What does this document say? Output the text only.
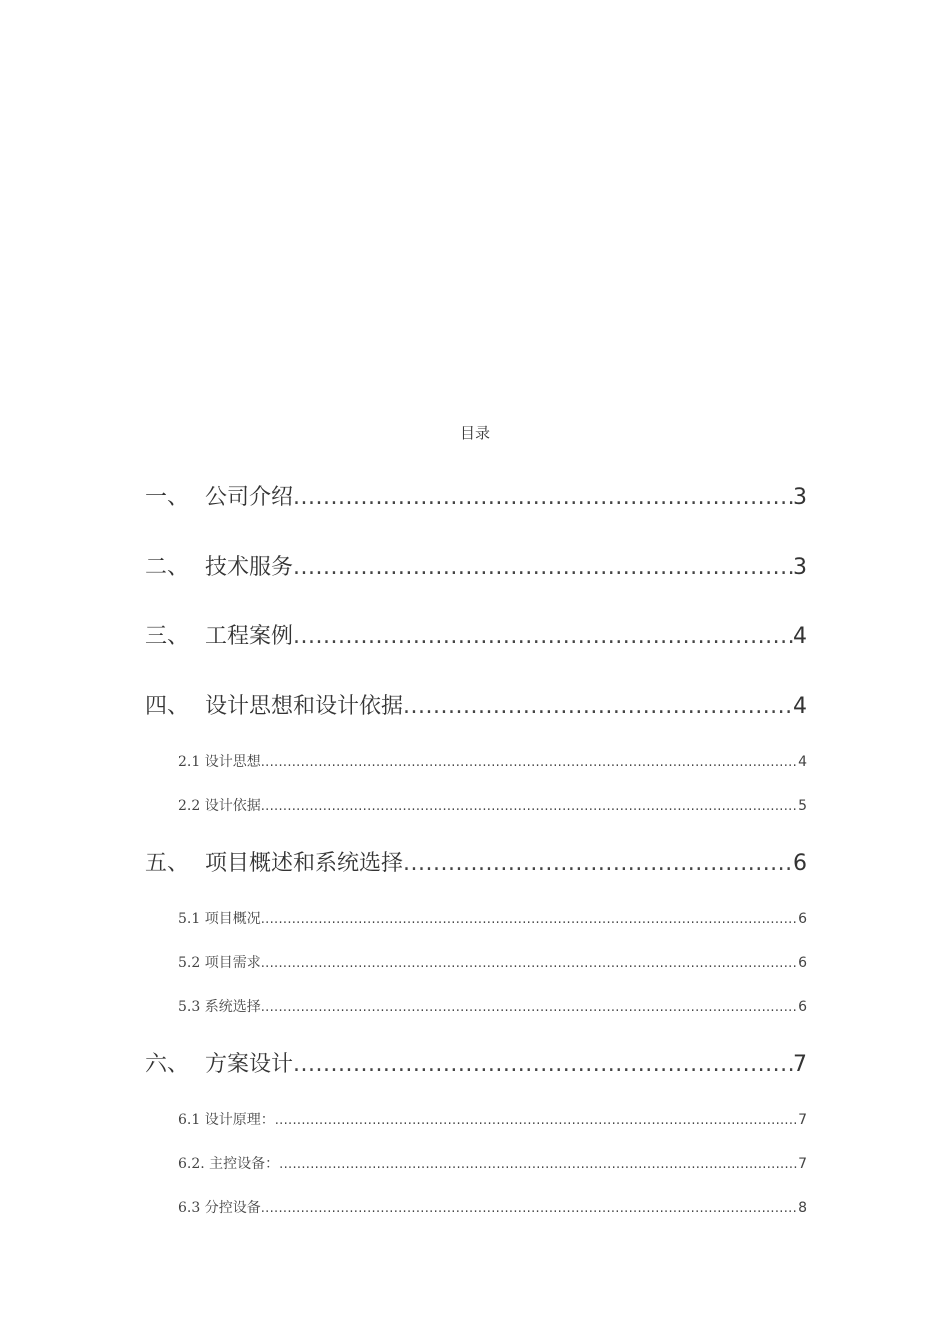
目录
一、 公司介绍 .....	3
二、 技术服务 .....	3
三、 工程案例 .....	4
四、 设计思想和设计依据 .....	4
2.1 设计思想 .....	4
2.2 设计依据 .....	5
五、 项目概述和系统选择 .....	6
5.1 项目概况 .....	6
5.2 项目需求 .....	6
5.3 系统选择 .....	6
六、 方案设计 .....	7
6.1 设计原理： .....	7
6.2. 主控设备： .....	7
6.3 分控设备 .....	8
